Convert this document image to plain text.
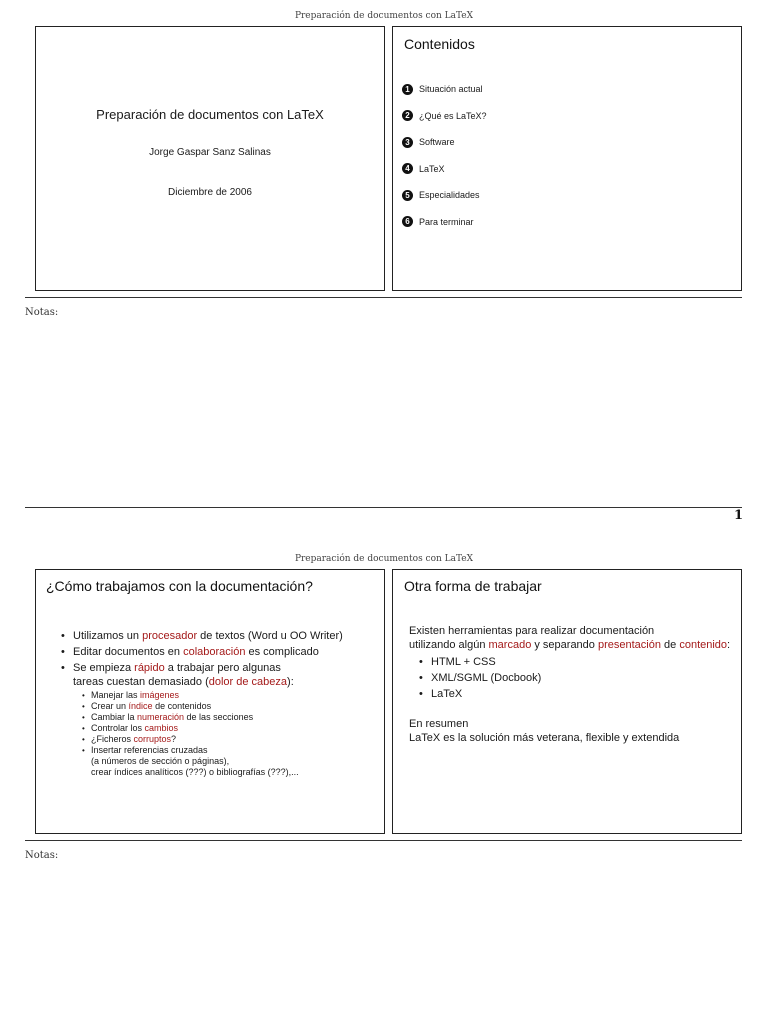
Preparación de documentos con LaTeX
Preparación de documentos con LaTeX
Jorge Gaspar Sanz Salinas
Diciembre de 2006
Contenidos
1	Situación actual
2	¿Qué es LaTeX?
3	Software
4	LaTeX
5	Especialidades
6	Para terminar
Notas:
1
Preparación de documentos con LaTeX
¿Cómo trabajamos con la documentación?
• Utilizamos un procesador de textos (Word u OO Writer)
• Editar documentos en colaboración es complicado
• Se empieza rápido a trabajar pero algunas
tareas cuestan demasiado (dolor de cabeza):
• Manejar las imágenes
• Crear un índice de contenidos
• Cambiar la numeración de las secciones
• Controlar los cambios
• ¿Ficheros corruptos?
• Insertar referencias cruzadas
(a números de sección o páginas),
crear índices analíticos (???) o bibliografías (???),...
Otra forma de trabajar
Existen herramientas para realizar documentación
utilizando algún marcado y separando presentación de contenido:
• HTML + CSS
• XML/SGML (Docbook)
• LaTeX
En resumen
LaTeX es la solución más veterana, flexible y extendida
Notas:
